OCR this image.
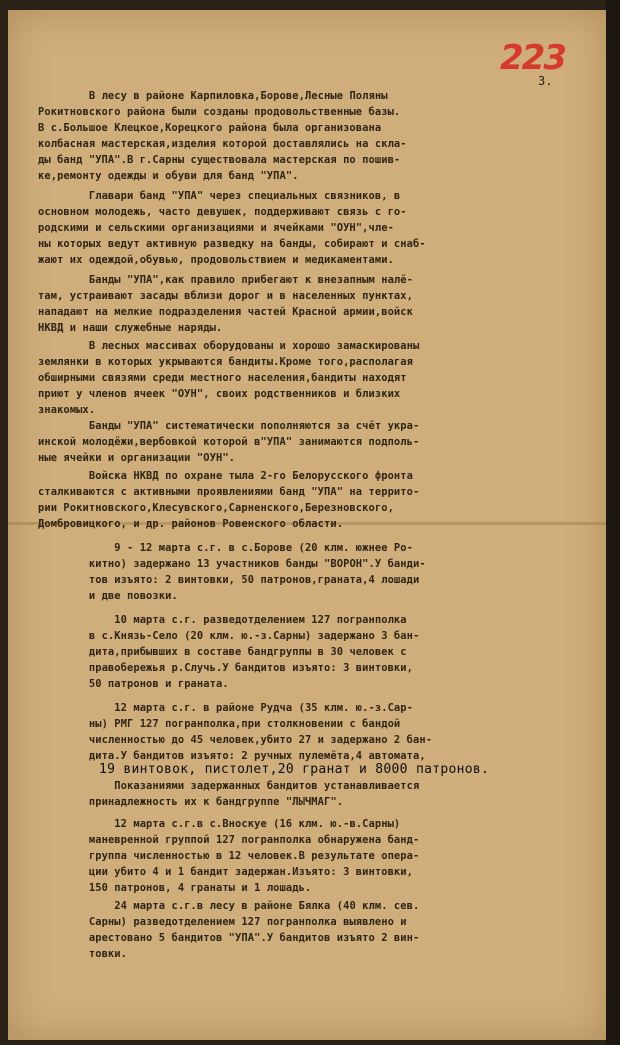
223
3.
В лесу в районе Карпиловка,Борове,Лесные Поляны
Рокитновского района были созданы продовольственные базы.
В с.Большое Клецкое,Корецкого района была организована
колбасная мастерская,изделия которой доставлялись на скла-
ды банд "УПА".В г.Сарны существовала мастерская по пошив-
ке,ремонту одежды и обуви для банд "УПА".
Главари банд "УПА" через специальных связников, в
основном молодежь, часто девушек, поддерживают связь с го-
родскими и сельскими организациями и ячейками "ОУН",чле-
ны которых ведут активную разведку на банды, собирают и снаб-
жают их одеждой,обувью, продовольствием и медикаментами.
Банды "УПА",как правило прибегают к внезапным налё-
там, устраивают засады вблизи дорог и в населенных пунктах,
нападают на мелкие подразделения частей Красной армии,войск
НКВД и наши служебные наряды.
В лесных массивах оборудованы и хорошо замаскированы
землянки в которых укрываются бандиты.Кроме того,располагая
обширными связями среди местного населения,бандиты находят
приют у членов ячеек "ОУН", своих родственников и близких
знакомых.
Банды "УПА" систематически пополняются за счёт укра-
инской молодёжи,вербовкой которой в"УПА" занимаются подполь-
ные ячейки и организации "ОУН".
Войска НКВД по охране тыла 2-го Белорусского фронта
сталкиваются с активными проявлениями банд "УПА" на террито-
рии Рокитновского,Клесувского,Сарненского,Березновского,
Домбровицкого, и др. районов Ровенского области.
9 - 12 марта с.г. в с.Борове (20 клм. южнее Ро-
китно) задержано 13 участников банды "ВОРОН".У банди-
тов изъято: 2 винтовки, 50 патронов,граната,4 лошади
и две повозки.
10 марта с.г. разведотделением 127 погранполка
в с.Князь-Село (20 клм. ю.-з.Сарны) задержано 3 бан-
дита,прибывших в составе бандгруппы в 30 человек с
правобережья р.Случь.У бандитов изъято: 3 винтовки,
50 патронов и граната.
12 марта с.г. в районе Рудча (35 клм. ю.-з.Сар-
ны) РМГ 127 погранполка,при столкновении с бандой
численностью до 45 человек,убито 27 и задержано 2 бан-
дита.У бандитов изъято: 2 ручных пулемёта,4 автомата,

Показаниями задержанных бандитов устанавливается
принадлежность их к бандгруппе "ЛЫЧМАГ".
12 марта с.г.в с.Вноскуе (16 клм. ю.-в.Сарны)
маневренной группой 127 погранполка обнаружена банд-
группа численностью в 12 человек.В результате опера-
ции убито 4 и 1 бандит задержан.Изъято: 3 винтовки,
150 патронов, 4 гранаты и 1 лошадь.
24 марта с.г.в лесу в районе Бялка (40 клм. сев.
Сарны) разведотделением 127 погранполка выявлено и
арестовано 5 бандитов "УПА".У бандитов изъято 2 вин-
товки.
19 винтовок, пистолет,20 гранат и 8000 патронов.
